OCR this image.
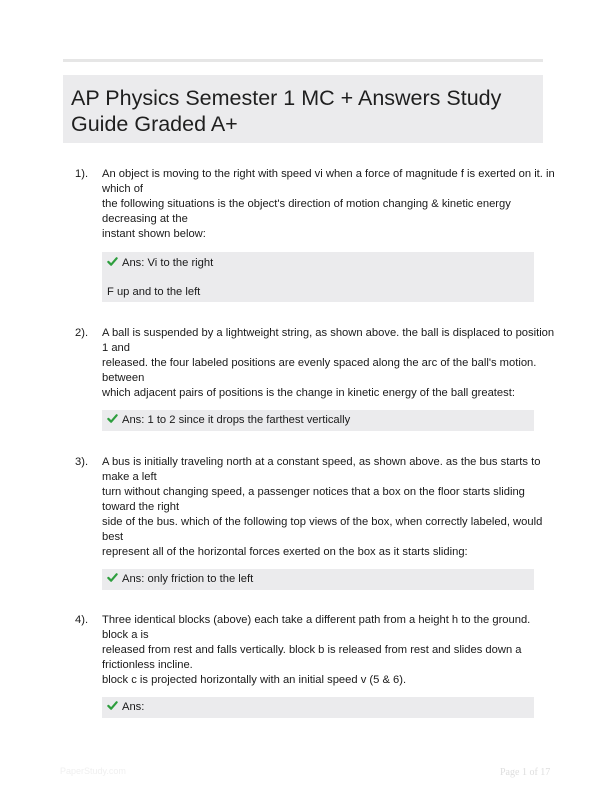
AP Physics Semester 1 MC + Answers Study Guide Graded A+
1). An object is moving to the right with speed vi when a force of magnitude f is exerted on it. in
which of
the following situations is the object's direction of motion changing & kinetic energy
decreasing at the
instant shown below:
Ans: Vi to the right
F up and to the left
2). A ball is suspended by a lightweight string, as shown above. the ball is displaced to position
1 and
released. the four labeled positions are evenly spaced along the arc of the ball's motion.
between
which adjacent pairs of positions is the change in kinetic energy of the ball greatest:
Ans: 1 to 2 since it drops the farthest vertically
3). A bus is initially traveling north at a constant speed, as shown above. as the bus starts to
make a left
turn without changing speed, a passenger notices that a box on the floor starts sliding
toward the right
side of the bus. which of the following top views of the box, when correctly labeled, would
best
represent all of the horizontal forces exerted on the box as it starts sliding:
Ans: only friction to the left
4). Three identical blocks (above) each take a different path from a height h to the ground.
block a is
released from rest and falls vertically. block b is released from rest and slides down a
frictionless incline.
block c is projected horizontally with an initial speed v (5 & 6).
Ans:
PaperStudy.com	Page 1 of 17
